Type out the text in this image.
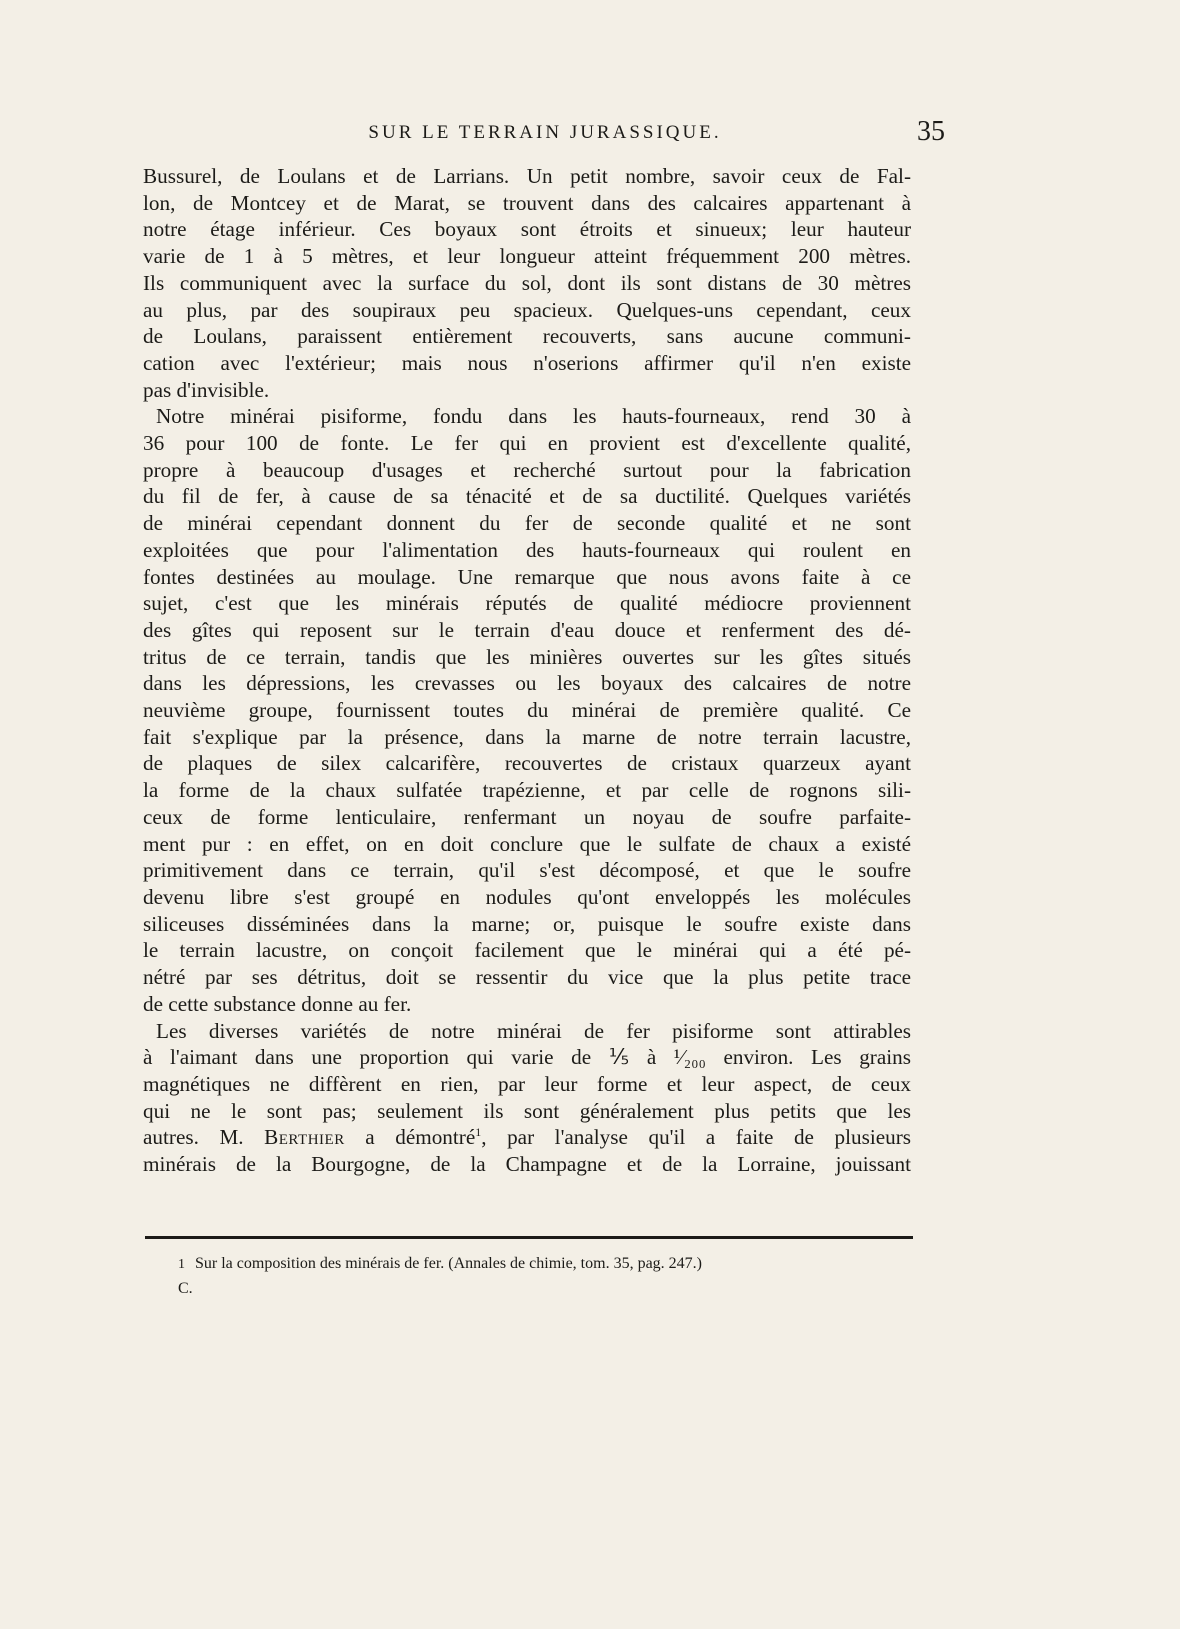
SUR LE TERRAIN JURASSIQUE.	35

Bussurel, de Loulans et de Larrians. Un petit nombre, savoir ceux de Fal-
lon, de Montcey et de Marat, se trouvent dans des calcaires appartenant à
notre étage inférieur. Ces boyaux sont étroits et sinueux; leur hauteur
varie de 1 à 5 mètres, et leur longueur atteint fréquemment 200 mètres.
Ils communiquent avec la surface du sol, dont ils sont distans de 30 mètres
au plus, par des soupiraux peu spacieux. Quelques-uns cependant, ceux
de Loulans, paraissent entièrement recouverts, sans aucune communi-
cation avec l'extérieur; mais nous n'oserions affirmer qu'il n'en existe
pas d'invisible.

Notre minérai pisiforme, fondu dans les hauts-fourneaux, rend 30 à
36 pour 100 de fonte. Le fer qui en provient est d'excellente qualité,
propre à beaucoup d'usages et recherché surtout pour la fabrication
du fil de fer, à cause de sa ténacité et de sa ductilité. Quelques variétés
de minérai cependant donnent du fer de seconde qualité et ne sont
exploitées que pour l'alimentation des hauts-fourneaux qui roulent en
fontes destinées au moulage. Une remarque que nous avons faite à ce
sujet, c'est que les minérais réputés de qualité médiocre proviennent
des gîtes qui reposent sur le terrain d'eau douce et renferment des dé-
tritus de ce terrain, tandis que les minières ouvertes sur les gîtes situés
dans les dépressions, les crevasses ou les boyaux des calcaires de notre
neuvième groupe, fournissent toutes du minérai de première qualité. Ce
fait s'explique par la présence, dans la marne de notre terrain lacustre,
de plaques de silex calcarifère, recouvertes de cristaux quarzeux ayant
la forme de la chaux sulfatée trapézienne, et par celle de rognons sili-
ceux de forme lenticulaire, renfermant un noyau de soufre parfaite-
ment pur : en effet, on en doit conclure que le sulfate de chaux a existé
primitivement dans ce terrain, qu'il s'est décomposé, et que le soufre
devenu libre s'est groupé en nodules qu'ont enveloppés les molécules
siliceuses disséminées dans la marne; or, puisque le soufre existe dans
le terrain lacustre, on conçoit facilement que le minérai qui a été pé-
nétré par ses détritus, doit se ressentir du vice que la plus petite trace
de cette substance donne au fer.

Les diverses variétés de notre minérai de fer pisiforme sont attirables
à l'aimant dans une proportion qui varie de ⅕ à ¹⁄₂₀₀ environ. Les grains
magnétiques ne diffèrent en rien, par leur forme et leur aspect, de ceux
qui ne le sont pas; seulement ils sont généralement plus petits que les
autres. M. Berthier a démontré$^1$, par l'analyse qu'il a faite de plusieurs
minérais de la Bourgogne, de la Champagne et de la Lorraine, jouissant

1 Sur la composition des minérais de fer. (Annales de chimie, tom. 35, pag. 247.)
C.
